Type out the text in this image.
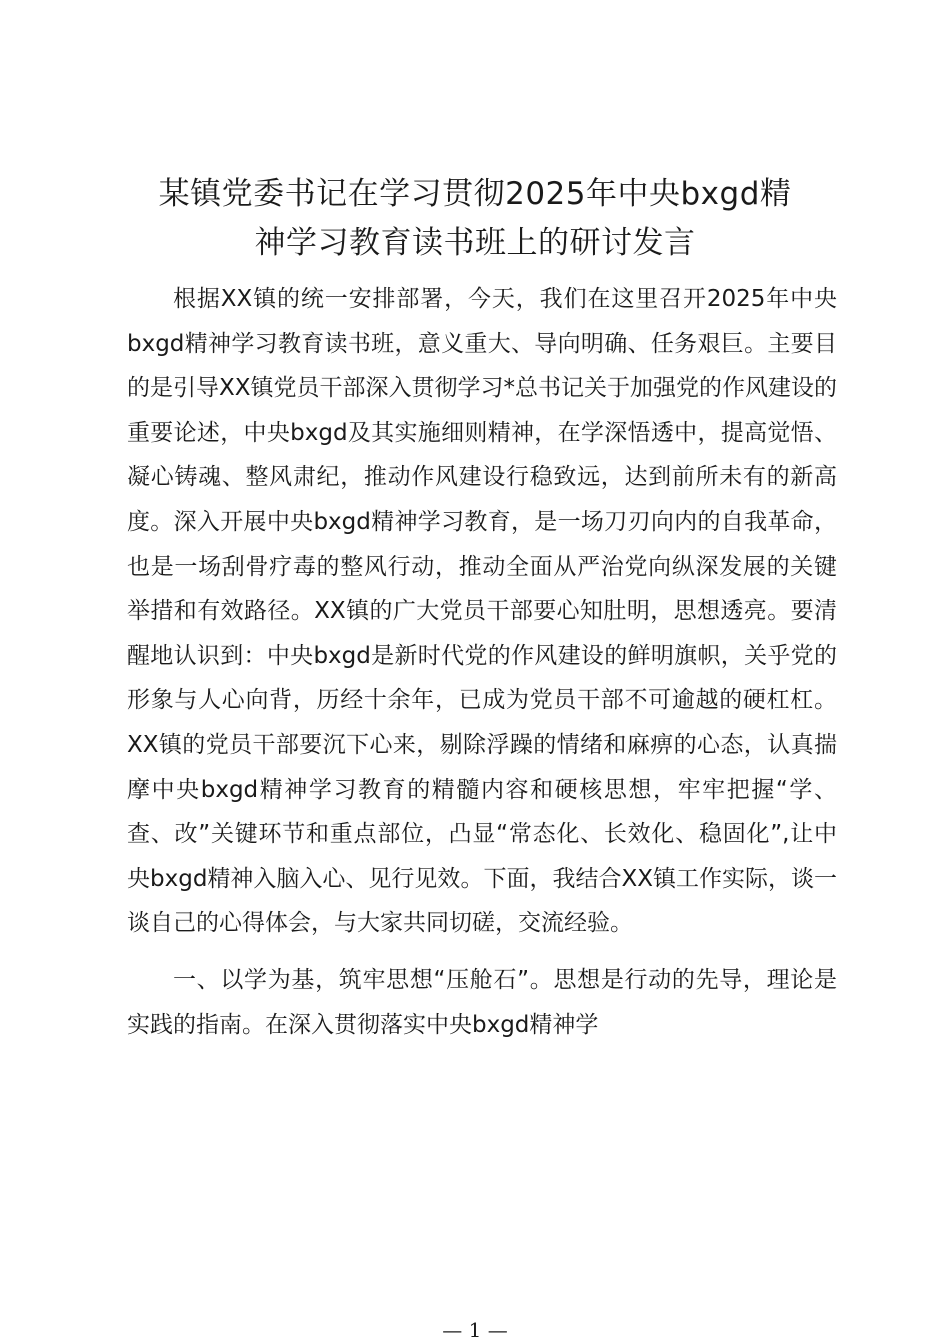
某镇党委书记在学习贯彻2025年中央bxgd精
神学习教育读书班上的研讨发言

根据XX镇的统一安排部署，今天，我们在这里召开2025年中央bxgd精神学习教育读书班，意义重大、导向明确、任务艰巨。主要目的是引导XX镇党员干部深入贯彻学习*总书记关于加强党的作风建设的重要论述，中央bxgd及其实施细则精神，在学深悟透中，提高觉悟、凝心铸魂、整风肃纪，推动作风建设行稳致远，达到前所未有的新高度。深入开展中央bxgd精神学习教育，是一场刀刃向内的自我革命，也是一场刮骨疗毒的整风行动，推动全面从严治党向纵深发展的关键举措和有效路径。XX镇的广大党员干部要心知肚明，思想透亮。要清醒地认识到：中央bxgd是新时代党的作风建设的鲜明旗帜，关乎党的形象与人心向背，历经十余年，已成为党员干部不可逾越的硬杠杠。XX镇的党员干部要沉下心来，剔除浮躁的情绪和麻痹的心态，认真揣摩中央bxgd精神学习教育的精髓内容和硬核思想，牢牢把握“学、查、改”关键环节和重点部位，凸显“常态化、长效化、稳固化”,让中央bxgd精神入脑入心、见行见效。下面，我结合XX镇工作实际，谈一谈自己的心得体会，与大家共同切磋，交流经验。

一、以学为基，筑牢思想“压舱石”。思想是行动的先导，理论是实践的指南。在深入贯彻落实中央bxgd精神学

— 1 —
